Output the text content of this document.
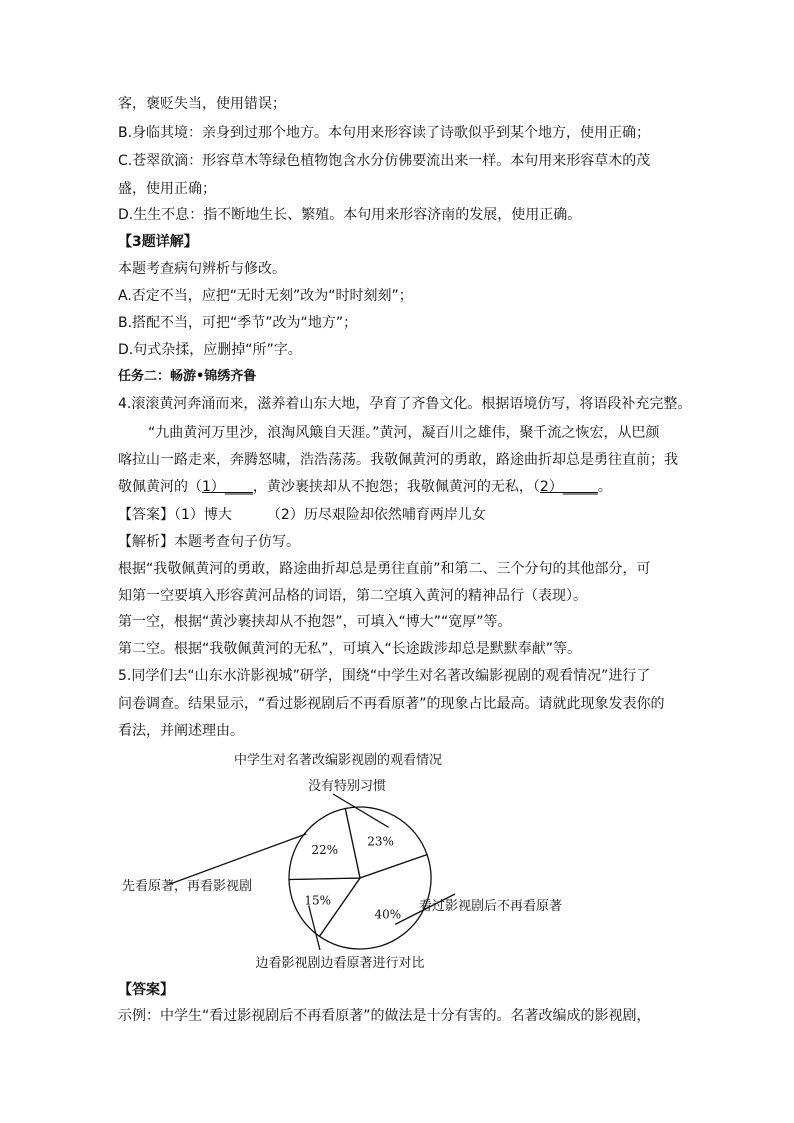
客，褒贬失当，使用错误；
B.身临其境：亲身到过那个地方。本句用来形容读了诗歌似乎到某个地方，使用正确；
C.苍翠欲滴：形容草木等绿色植物饱含水分仿佛要流出来一样。本句用来形容草木的茂
盛，使用正确；
D.生生不息：指不断地生长、繁殖。本句用来形容济南的发展，使用正确。
【3题详解】
本题考查病句辨析与修改。
A.否定不当，应把“无时无刻”改为“时时刻刻”；
B.搭配不当，可把“季节”改为“地方”；
D.句式杂揉，应删掉“所”字。
任务二：畅游•锦绣齐鲁
4.滚滚黄河奔涌而来，滋养着山东大地，孕育了齐鲁文化。根据语境仿写，将语段补充完整。
“九曲黄河万里沙，浪淘风簸自天涯。”黄河，凝百川之雄伟，聚千流之恢宏，从巴颜
喀拉山一路走来，奔腾怒啸，浩浩荡荡。我敬佩黄河的勇敢，路途曲折却总是勇往直前；我
敬佩黄河的（1）____，黄沙裹挟却从不抱怨；我敬佩黄河的无私，（2）_____。
【答案】（1）博大　　　（2）历尽艰险却依然哺育两岸儿女
【解析】本题考查句子仿写。
根据“我敬佩黄河的勇敢，路途曲折却总是勇往直前”和第二、三个分句的其他部分，可
知第一空要填入形容黄河品格的词语，第二空填入黄河的精神品行（表现）。
第一空，根据“黄沙裹挟却从不抱怨”，可填入“博大”“宽厚”等。
第二空。根据“我敬佩黄河的无私”，可填入“长途跋涉却总是默默奉献”等。
5.同学们去“山东水浒影视城”研学，围绕“中学生对名著改编影视剧的观看情况”进行了
问卷调查。结果显示，“看过影视剧后不再看原著”的现象占比最高。请就此现象发表你的
看法，并阐述理由。
中学生对名著改编影视剧的观看情况
23%
40%
15%
22%
没有特别习惯
看过影视剧后不再看原著
边看影视剧边看原著进行对比
先看原著，再看影视剧
【答案】
示例：中学生“看过影视剧后不再看原著”的做法是十分有害的。名著改编成的影视剧，
